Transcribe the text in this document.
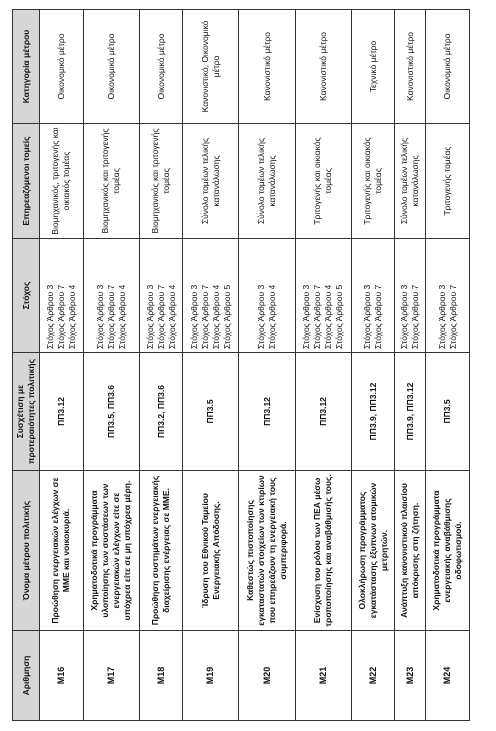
Αριθμηση	Όνομα μέτρου πολιτικής	Συσχέτιση με προτεραιότητες πολιτικής	Στόχος	Επηρεαζόμενοι τομείς	Κατηγορία μέτρου
Μ16	Προώθηση ενεργειακών ελέγχων σε ΜΜΕ και νοικοκυριά.	ΠΠ3.12	Στόχος Άρθρου 3 Στόχος Άρθρου 7 Στόχος Άρθρου 4	Βιομηχανικός, τριτογενής και οικιακός τομέας	Οικονομικό μέτρο
Μ17	Χρηματοδοτικά προγράμματα υλοποίησης των συστάσεων των ενεργειακών ελέγχων είτε σε υπόχρεα είτε σε μη υπόχρεα μέρη.	ΠΠ3.5, ΠΠ3.6	Στόχος Άρθρου 3 Στόχος Άρθρου 7 Στόχος Άρθρου 4	Βιομηχανικός και τριτογενής τομέας	Οικονομικό μέτρο
Μ18	Προώθηση συστημάτων ενεργειακής διαχείρισης ενέργειας σε ΜΜΕ.	ΠΠ3.2, ΠΠ3.6	Στόχος Άρθρου 3 Στόχος Άρθρου 7 Στόχος Άρθρου 4	Βιομηχανικός και τριτογενής τομέας	Οικονομικό μέτρο
Μ19	Ίδρυση του Εθνικού Ταμείου Ενεργειακής Απόδοσης.	ΠΠ3.5	Στόχος Άρθρου 3 Στόχος Άρθρου 7 Στόχος Άρθρου 4 Στόχος Άρθρου 5	Σύνολο τομέων τελικής κατανάλωσης	Κανονιστικό, Οικονομικό μέτρο
Μ20	Καθεστώς πιστοποίησης εγκαταστατών στοιχείων των κτιρίων που επηρεάζουν τη ενεργειακή τους συμπεριφορά.	ΠΠ3.12	Στόχος Άρθρου 3 Στόχος Άρθρου 4	Σύνολο τομέων τελικής κατανάλωσης	Κανονιστικό μέτρο
Μ21	Ενίσχυση του ρόλου των ΠΕΑ μέσω τροποποίησης και αναβάθμισής τους.	ΠΠ3.12	Στόχος Άρθρου 3 Στόχος Άρθρου 7 Στόχος Άρθρου 4 Στόχος Άρθρου 5	Τριτογενής και οικιακός τομέας	Κανονιστικό μέτρο
Μ22	Ολοκλήρωση προγράμματος εγκατάστασης έξυπνων ατομικών μετρητών.	ΠΠ3.9, ΠΠ3.12	Στόχος Άρθρου 3 Στόχος Άρθρου 7	Τριτογενής και οικιακός τομέας	Τεχνικό μέτρο
Μ23	Ανάπτυξη κανονιστικού πλαισίου απόκρισης στη ζήτηση.	ΠΠ3.9, ΠΠ3.12	Στόχος Άρθρου 3 Στόχος Άρθρου 7	Σύνολο τομέων τελικής κατανάλωσης	Κανονιστικό μέτρο
Μ24	Χρηματοδοτικά προγράμματα ενεργειακής αναβάθμισης οδοφωτισμού.	ΠΠ3.5	Στόχος Άρθρου 3 Στόχος Άρθρου 7	Τριτογενής τομέας	Οικονομικό μέτρο
